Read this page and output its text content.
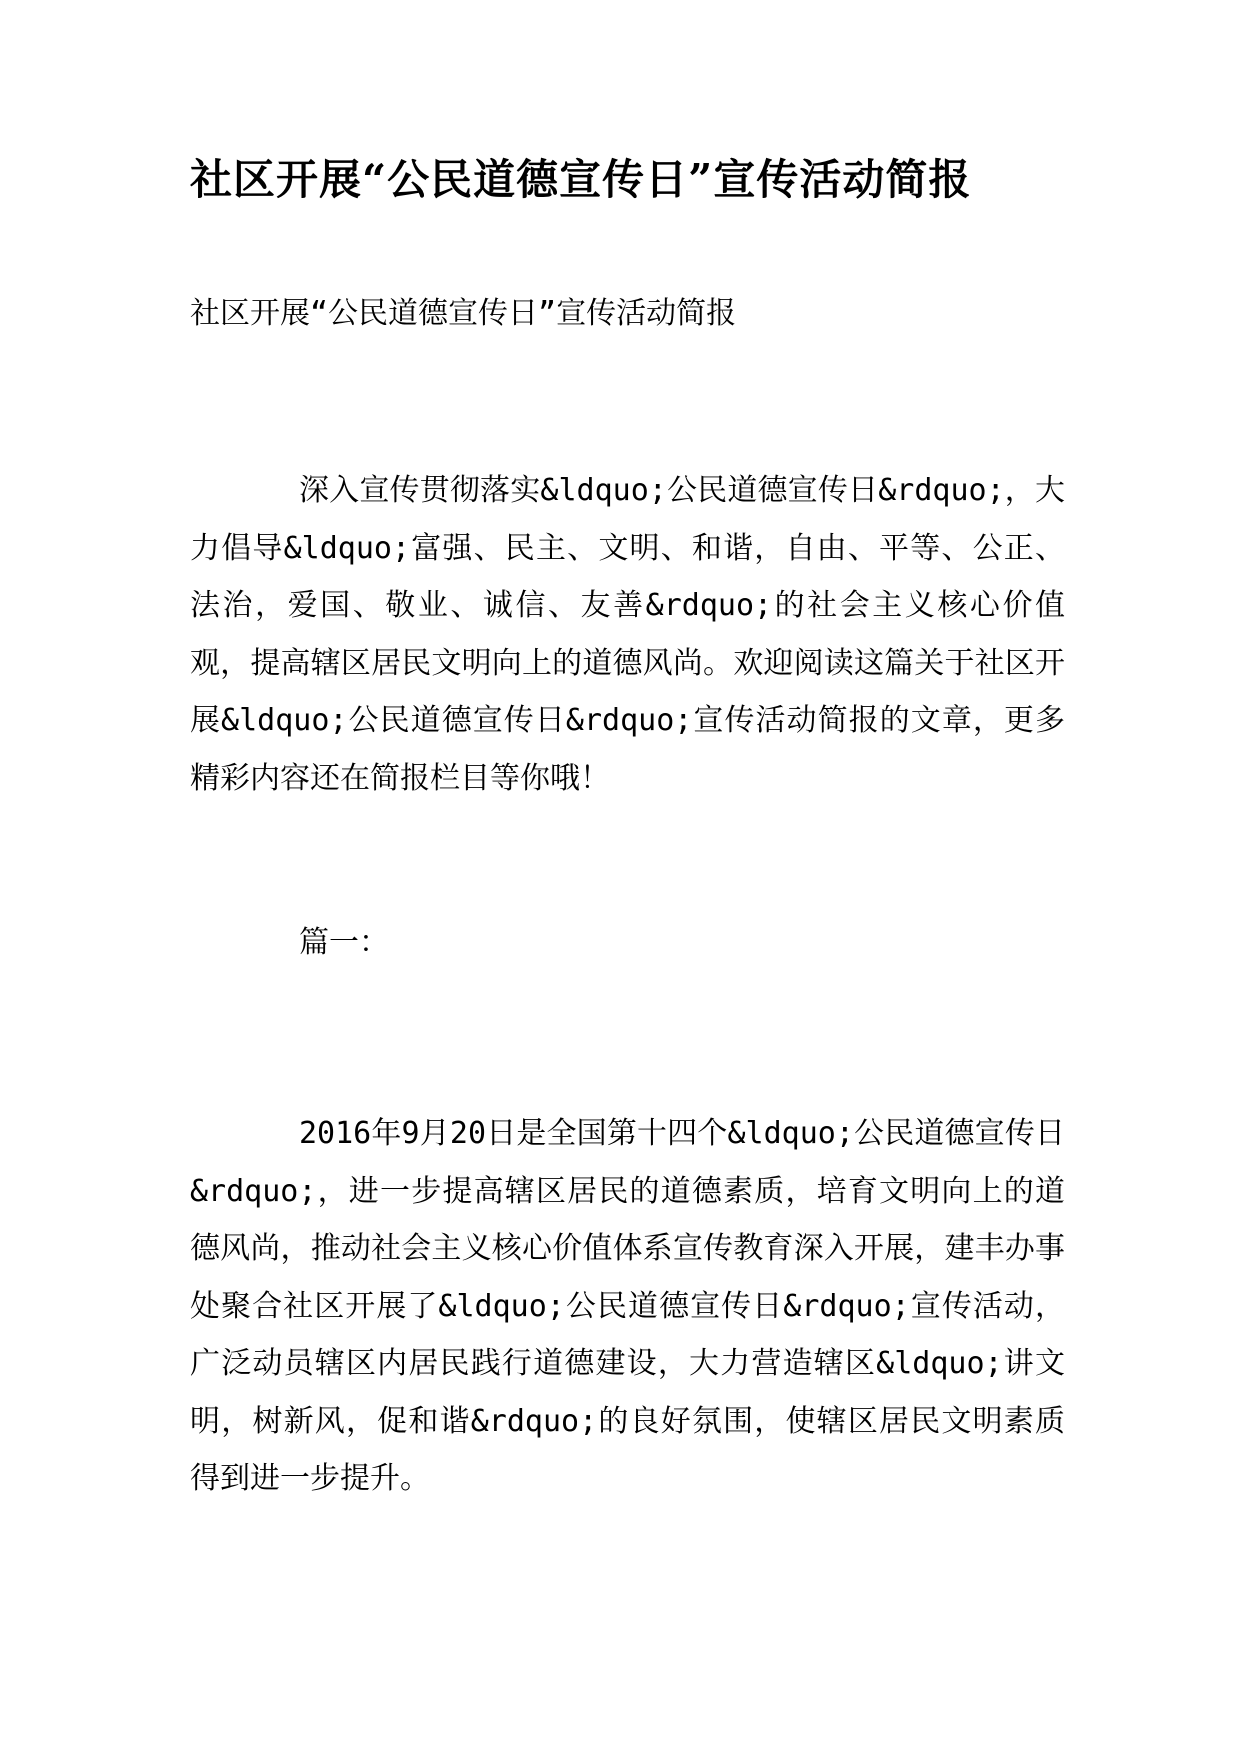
社区开展“公民道德宣传日”宣传活动简报
社区开展“公民道德宣传日”宣传活动简报

深入宣传贯彻落实&ldquo;公民道德宣传日&rdquo;，大力倡导&ldquo;富强、民主、文明、和谐，自由、平等、公正、法治，爱国、敬业、诚信、友善&rdquo;的社会主义核心价值观，提高辖区居民文明向上的道德风尚。欢迎阅读这篇关于社区开展&ldquo;公民道德宣传日&rdquo;宣传活动简报的文章，更多精彩内容还在简报栏目等你哦！

篇一：

2016年9月20日是全国第十四个&ldquo;公民道德宣传日&rdquo;，进一步提高辖区居民的道德素质，培育文明向上的道德风尚，推动社会主义核心价值体系宣传教育深入开展，建丰办事处聚合社区开展了&ldquo;公民道德宣传日&rdquo;宣传活动，广泛动员辖区内居民践行道德建设，大力营造辖区&ldquo;讲文明，树新风，促和谐&rdquo;的良好氛围，使辖区居民文明素质得到进一步提升。
